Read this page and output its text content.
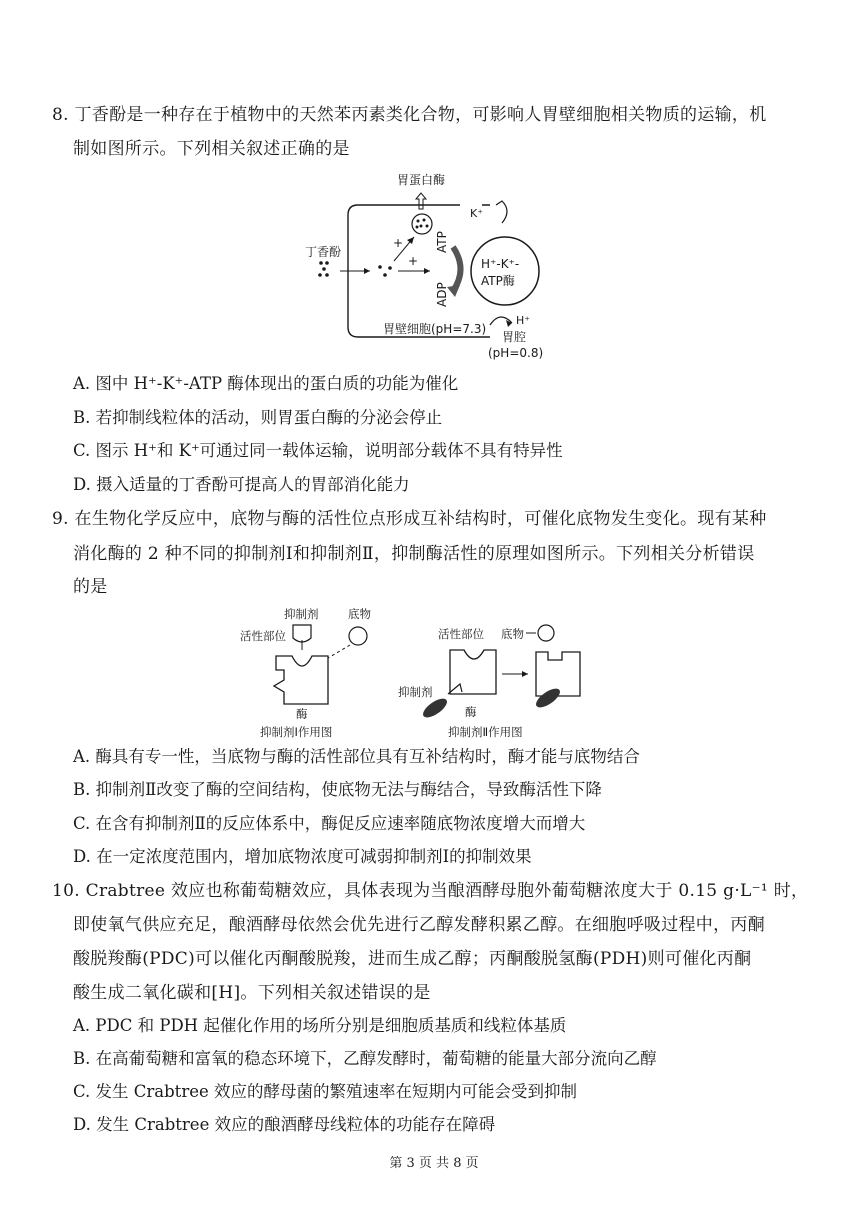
8. 丁香酚是一种存在于植物中的天然苯丙素类化合物，可影响人胃壁细胞相关物质的运输，机
制如图所示。下列相关叙述正确的是
胃蛋白酶
丁香酚
+
+
ATP
ADP
H⁺-K⁺-
ATP酶
K⁺
H⁺
胃壁细胞(pH=7.3)
胃腔
(pH=0.8)
A. 图中 H⁺-K⁺-ATP 酶体现出的蛋白质的功能为催化
B. 若抑制线粒体的活动，则胃蛋白酶的分泌会停止
C. 图示 H⁺和 K⁺可通过同一载体运输，说明部分载体不具有特异性
D. 摄入适量的丁香酚可提高人的胃部消化能力
9. 在生物化学反应中，底物与酶的活性位点形成互补结构时，可催化底物发生变化。现有某种
消化酶的 2 种不同的抑制剂Ⅰ和抑制剂Ⅱ，抑制酶活性的原理如图所示。下列相关分析错误
的是
抑制剂	底物
活性部位
酶
抑制剂Ⅰ作用图
活性部位 底物
抑制剂
酶
抑制剂Ⅱ作用图
A. 酶具有专一性，当底物与酶的活性部位具有互补结构时，酶才能与底物结合
B. 抑制剂Ⅱ改变了酶的空间结构，使底物无法与酶结合，导致酶活性下降
C. 在含有抑制剂Ⅱ的反应体系中，酶促反应速率随底物浓度增大而增大
D. 在一定浓度范围内，增加底物浓度可减弱抑制剂Ⅰ的抑制效果
10. Crabtree 效应也称葡萄糖效应，具体表现为当酿酒酵母胞外葡萄糖浓度大于 0.15 g·L⁻¹ 时，
即使氧气供应充足，酿酒酵母依然会优先进行乙醇发酵积累乙醇。在细胞呼吸过程中，丙酮
酸脱羧酶(PDC)可以催化丙酮酸脱羧，进而生成乙醇；丙酮酸脱氢酶(PDH)则可催化丙酮
酸生成二氧化碳和[H]。下列相关叙述错误的是
A. PDC 和 PDH 起催化作用的场所分别是细胞质基质和线粒体基质
B. 在高葡萄糖和富氧的稳态环境下，乙醇发酵时，葡萄糖的能量大部分流向乙醇
C. 发生 Crabtree 效应的酵母菌的繁殖速率在短期内可能会受到抑制
D. 发生 Crabtree 效应的酿酒酵母线粒体的功能存在障碍
第 3 页 共 8 页
